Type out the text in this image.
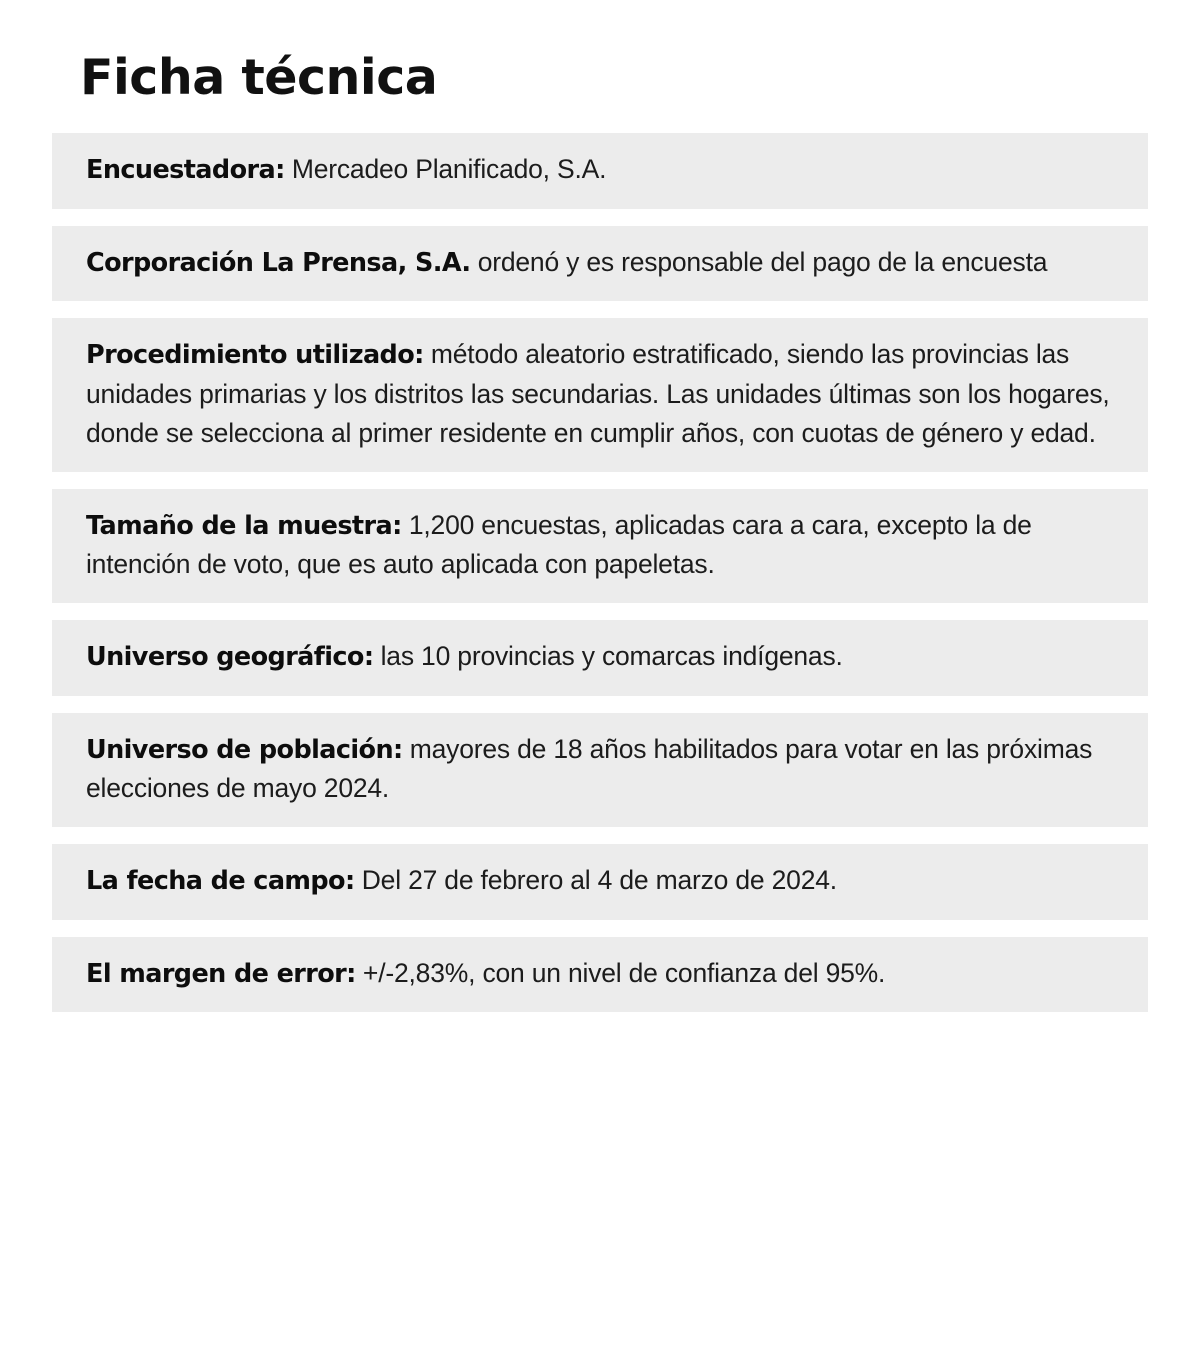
Ficha técnica

Encuestadora: Mercadeo Planificado, S.A.

Corporación La Prensa, S.A. ordenó y es responsable del pago de la encuesta

Procedimiento utilizado: método aleatorio estratificado, siendo las provincias las unidades primarias y los distritos las secundarias. Las unidades últimas son los hogares, donde se selecciona al primer residente en cumplir años, con cuotas de género y edad.

Tamaño de la muestra: 1,200 encuestas, aplicadas cara a cara, excepto la de intención de voto, que es auto aplicada con papeletas.

Universo geográfico: las 10 provincias y comarcas indígenas.

Universo de población: mayores de 18 años habilitados para votar en las próximas elecciones de mayo 2024.

La fecha de campo: Del 27 de febrero al 4 de marzo de 2024.

El margen de error: +/-2,83%, con un nivel de confianza del 95%.
